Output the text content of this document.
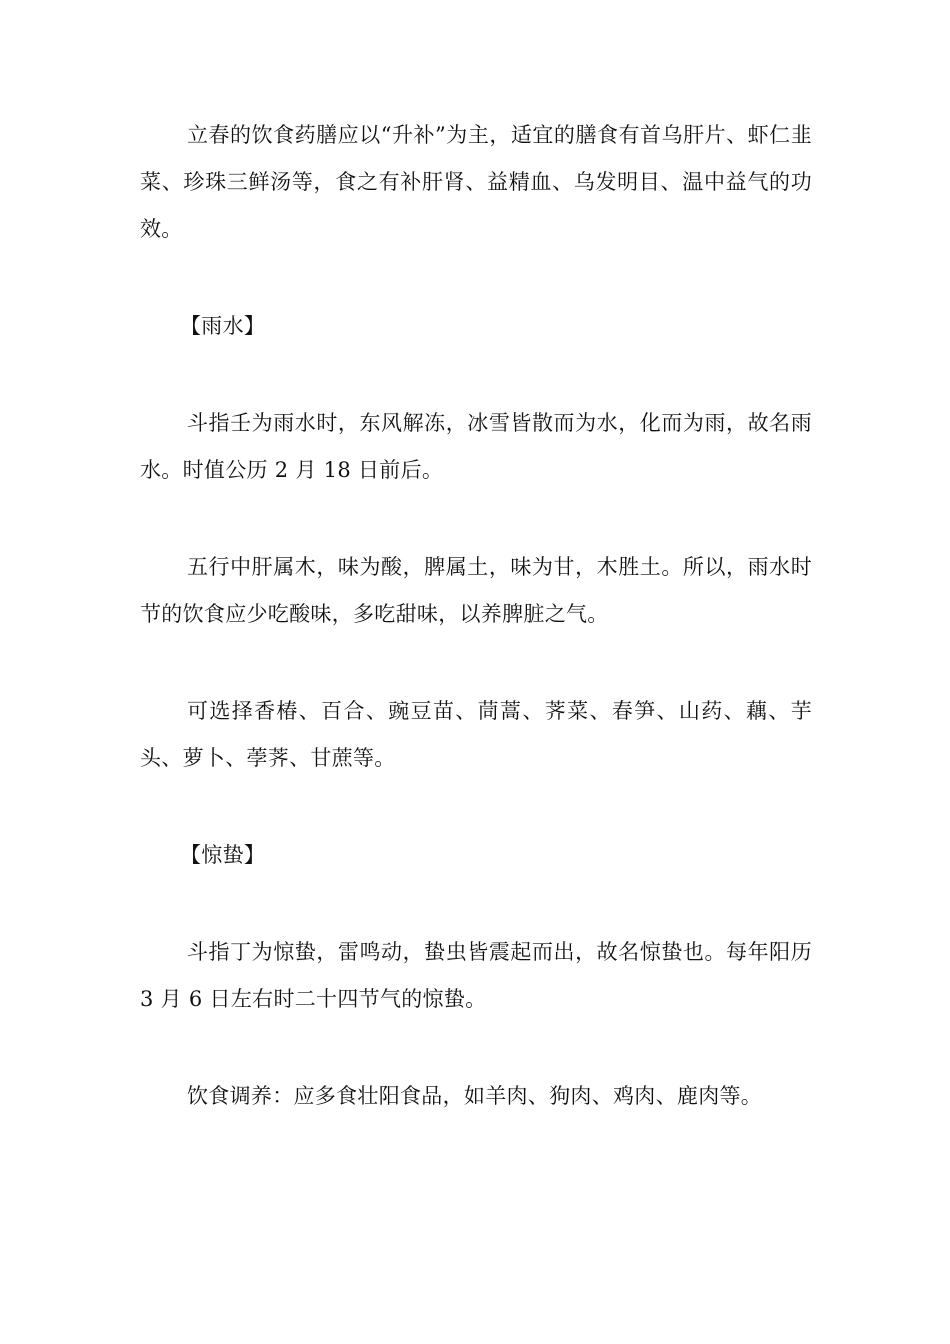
立春的饮食药膳应以“升补”为主，适宜的膳食有首乌肝片、虾仁韭菜、珍珠三鲜汤等，食之有补肝肾、益精血、乌发明目、温中益气的功效。

【雨水】

斗指壬为雨水时，东风解冻，冰雪皆散而为水，化而为雨，故名雨水。时值公历 2 月 18 日前后。

五行中肝属木，味为酸，脾属土，味为甘，木胜土。所以，雨水时节的饮食应少吃酸味，多吃甜味，以养脾脏之气。

可选择香椿、百合、豌豆苗、茼蒿、荠菜、春笋、山药、藕、芋头、萝卜、荸荠、甘蔗等。

【惊蛰】

斗指丁为惊蛰，雷鸣动，蛰虫皆震起而出，故名惊蛰也。每年阳历 3 月 6 日左右时二十四节气的惊蛰。

饮食调养：应多食壮阳食品，如羊肉、狗肉、鸡肉、鹿肉等。
